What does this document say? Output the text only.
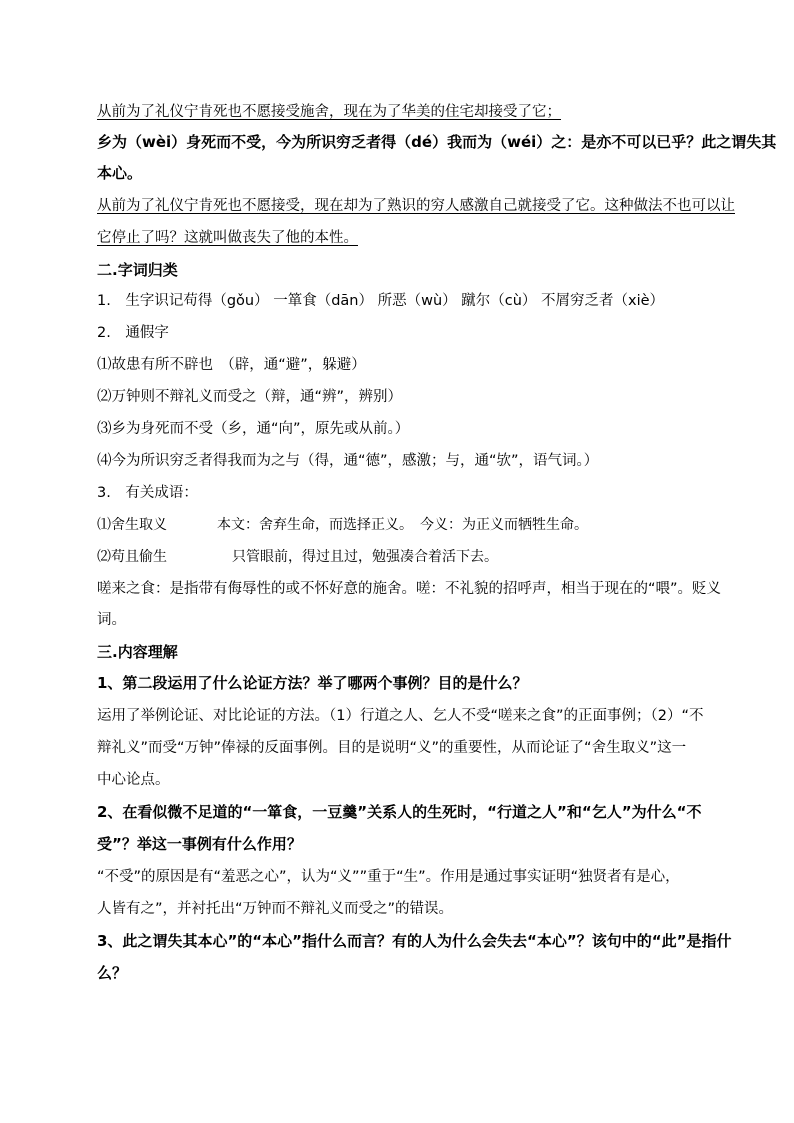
从前为了礼仪宁肯死也不愿接受施舍，现在为了华美的住宅却接受了它；
乡为（wèi）身死而不受，今为所识穷乏者得（dé）我而为（wéi）之：是亦不可以已乎？此之谓失其
本心。
从前为了礼仪宁肯死也不愿接受，现在却为了熟识的穷人感激自己就接受了它。这种做法不也可以让
它停止了吗？这就叫做丧失了他的本性。
二.字词归类
1.　生字识记苟得（gǒu） 一箪食（dān） 所恶（wù） 蹴尔（cù） 不屑穷乏者（xiè）
2.　通假字
⑴故患有所不辟也　（辟，通“避”，躲避）
⑵万钟则不辩礼义而受之（辩，通“辨”，辨别）
⑶乡为身死而不受（乡，通“向”，原先或从前。）
⑷今为所识穷乏者得我而为之与（得，通“德”，感激；与，通“欤”，语气词。）
3.　有关成语：
⑴舍生取义	本文：舍弃生命，而选择正义。　今义：为正义而牺牲生命。
⑵苟且偷生	只管眼前，得过且过，勉强凑合着活下去。
嗟来之食：是指带有侮辱性的或不怀好意的施舍。嗟：不礼貌的招呼声，相当于现在的“喂”。贬义
词。
三.内容理解
1、第二段运用了什么论证方法？举了哪两个事例？目的是什么？
运用了举例论证、对比论证的方法。（1）行道之人、乞人不受“嗟来之食”的正面事例；（2）“不
辩礼义”而受“万钟”俸禄的反面事例。目的是说明“义”的重要性，从而论证了“舍生取义”这一
中心论点。
2、在看似微不足道的“一箪食，一豆羹”关系人的生死时，“行道之人”和“乞人”为什么“不
受”？举这一事例有什么作用？
“不受”的原因是有“羞恶之心”，认为“义””重于“生”。作用是通过事实证明“独贤者有是心，
人皆有之”，并衬托出“万钟而不辩礼义而受之”的错误。
3、此之谓失其本心”的“本心”指什么而言？有的人为什么会失去“本心”？该句中的“此”是指什
么？
